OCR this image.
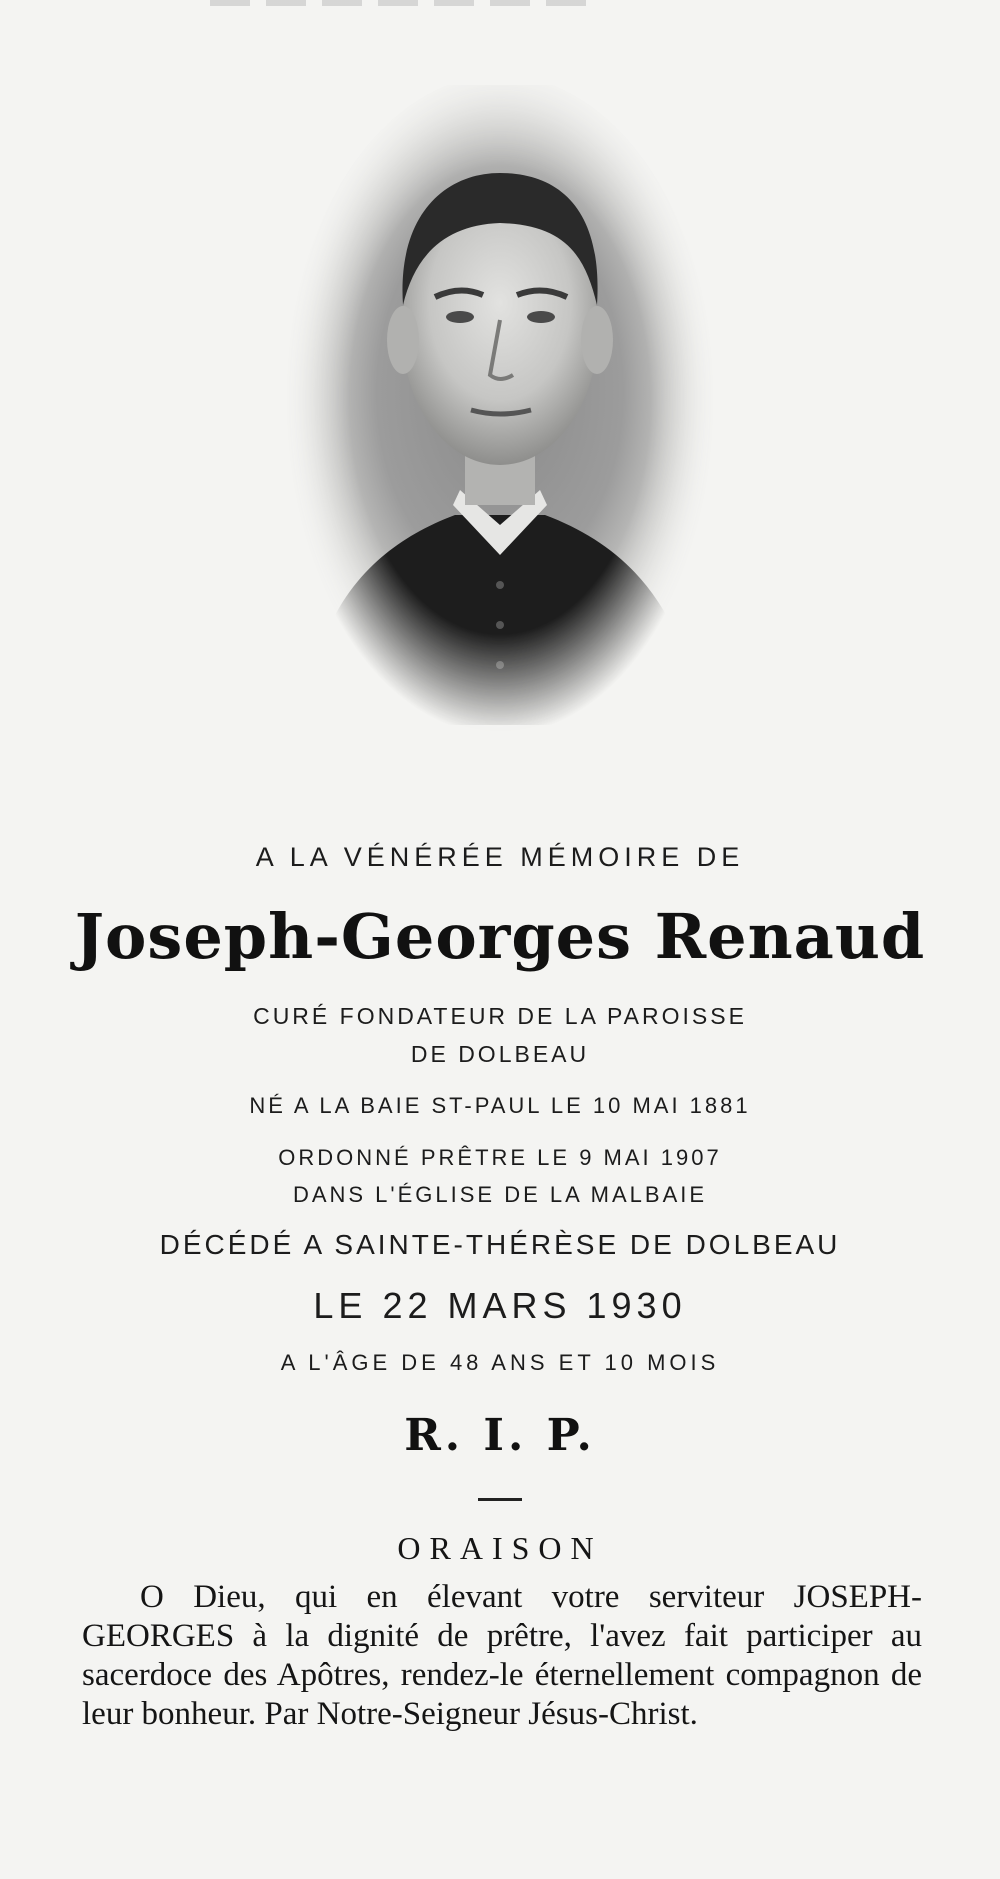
A LA VÉNÉRÉE MÉMOIRE DE
Joseph-Georges Renaud
CURÉ FONDATEUR DE LA PAROISSE
DE DOLBEAU
NÉ A LA BAIE ST-PAUL LE 10 MAI 1881
ORDONNÉ PRÊTRE LE 9 MAI 1907
DANS L'ÉGLISE DE LA MALBAIE
DÉCÉDÉ A SAINTE-THÉRÈSE DE DOLBEAU
LE 22 MARS 1930
A L'ÂGE DE 48 ANS ET 10 MOIS
R. I. P.
ORAISON
O Dieu, qui en élevant votre serviteur JOSEPH-GEORGES à la dignité de prêtre, l'avez fait participer au sacerdoce des Apôtres, rendez-le éternellement compagnon de leur bonheur. Par Notre-Seigneur Jésus-Christ.
